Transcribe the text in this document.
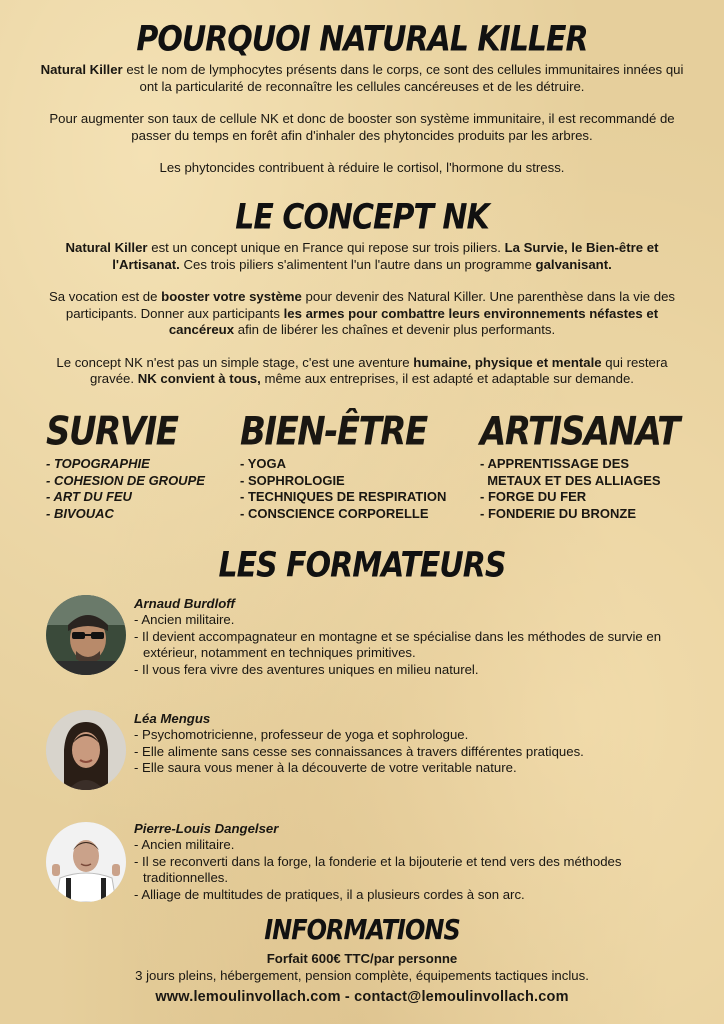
POURQUOI NATURAL KILLER

Natural Killer est le nom de lymphocytes présents dans le corps, ce sont des cellules immunitaires innées qui ont la particularité de reconnaître les cellules cancéreuses et de les détruire.

Pour augmenter son taux de cellule NK et donc de booster son système immunitaire, il est recommandé de passer du temps en forêt afin d'inhaler des phytoncides produits par les arbres.

Les phytoncides contribuent à réduire le cortisol, l'hormone du stress.

LE CONCEPT NK

Natural Killer est un concept unique en France qui repose sur trois piliers. La Survie, le Bien-être et l'Artisanat. Ces trois piliers s'alimentent l'un l'autre dans un programme galvanisant.

Sa vocation est de booster votre système pour devenir des Natural Killer. Une parenthèse dans la vie des participants. Donner aux participants les armes pour combattre leurs environnements néfastes et cancéreux afin de libérer les chaînes et devenir plus performants.

Le concept NK n'est pas un simple stage, c'est une aventure humaine, physique et mentale qui restera gravée. NK convient à tous, même aux entreprises, il est adapté et adaptable sur demande.

SURVIE
- TOPOGRAPHIE
- COHESION DE GROUPE
- ART DU FEU
- BIVOUAC
BIEN-ÊTRE
- YOGA
- SOPHROLOGIE
- TECHNIQUES DE RESPIRATION
- CONSCIENCE CORPORELLE
ARTISANAT
- APPRENTISSAGE DES
METAUX ET DES ALLIAGES
- FORGE DU FER
- FONDERIE DU BRONZE
LES FORMATEURS
Arnaud Burdloff
- Ancien militaire.
- Il devient accompagnateur en montagne et se spécialise dans les méthodes de survie en extérieur, notamment en techniques primitives.
- Il vous fera vivre des aventures uniques en milieu naturel.
Léa Mengus
- Psychomotricienne, professeur de yoga et sophrologue.
- Elle alimente sans cesse ses connaissances à travers différentes pratiques.
- Elle saura vous mener à la découverte de votre veritable nature.
Pierre-Louis Dangelser
- Ancien militaire.
- Il se reconverti dans la forge, la fonderie et la bijouterie et tend vers des méthodes traditionnelles.
- Alliage de multitudes de pratiques, il a plusieurs cordes à son arc.
INFORMATIONS

Forfait 600€ TTC/par personne

3 jours pleins, hébergement, pension complète, équipements tactiques inclus.

www.lemoulinvollach.com - contact@lemoulinvollach.com
